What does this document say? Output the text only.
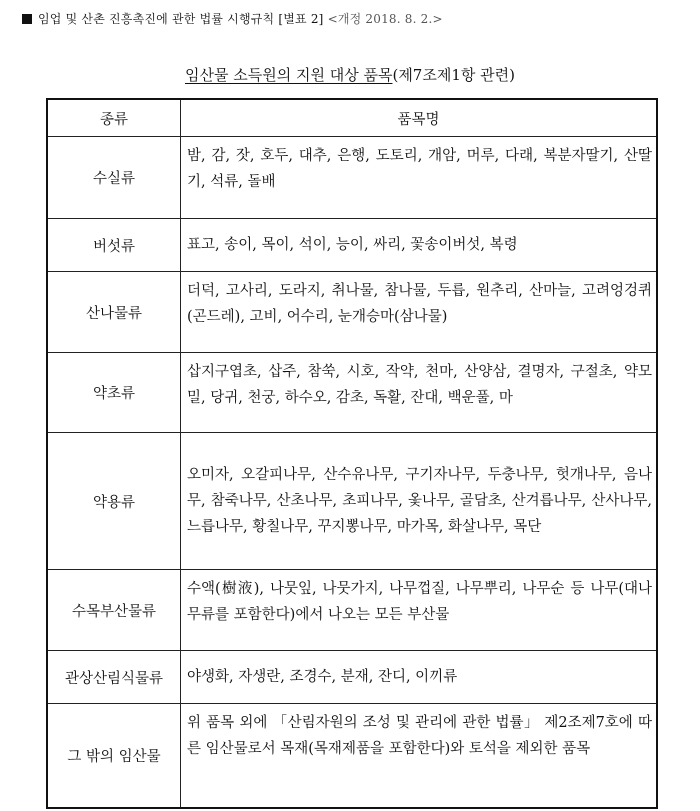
임업 및 산촌 진흥촉진에 관한 법률 시행규칙 [별표 2] <개정 2018. 8. 2.>
임산물 소득원의 지원 대상 품목(제7조제1항 관련)
종류	품목명
수실류	밤, 감, 잣, 호두, 대추, 은행, 도토리, 개암, 머루, 다래, 복분자딸기, 산딸기, 석류, 돌배
버섯류	표고, 송이, 목이, 석이, 능이, 싸리, 꽃송이버섯, 복령
산나물류	더덕, 고사리, 도라지, 취나물, 참나물, 두릅, 원추리, 산마늘, 고려엉겅퀴(곤드레), 고비, 어수리, 눈개승마(삼나물)
약초류	삽지구엽초, 삽주, 참쑥, 시호, 작약, 천마, 산양삼, 결명자, 구절초, 약모밀, 당귀, 천궁, 하수오, 감초, 독활, 잔대, 백운풀, 마
약용류	오미자, 오갈피나무, 산수유나무, 구기자나무, 두충나무, 헛개나무, 음나무, 참죽나무, 산초나무, 초피나무, 옻나무, 골담초, 산겨릅나무, 산사나무, 느릅나무, 황칠나무, 꾸지뽕나무, 마가목, 화살나무, 목단
수목부산물류	수액(樹液), 나뭇잎, 나뭇가지, 나무껍질, 나무뿌리, 나무순 등 나무(대나무류를 포함한다)에서 나오는 모든 부산물
관상산림식물류	야생화, 자생란, 조경수, 분재, 잔디, 이끼류
그 밖의 임산물	위 품목 외에 「산림자원의 조성 및 관리에 관한 법률」 제2조제7호에 따른 임산물로서 목재(목재제품을 포함한다)와 토석을 제외한 품목
